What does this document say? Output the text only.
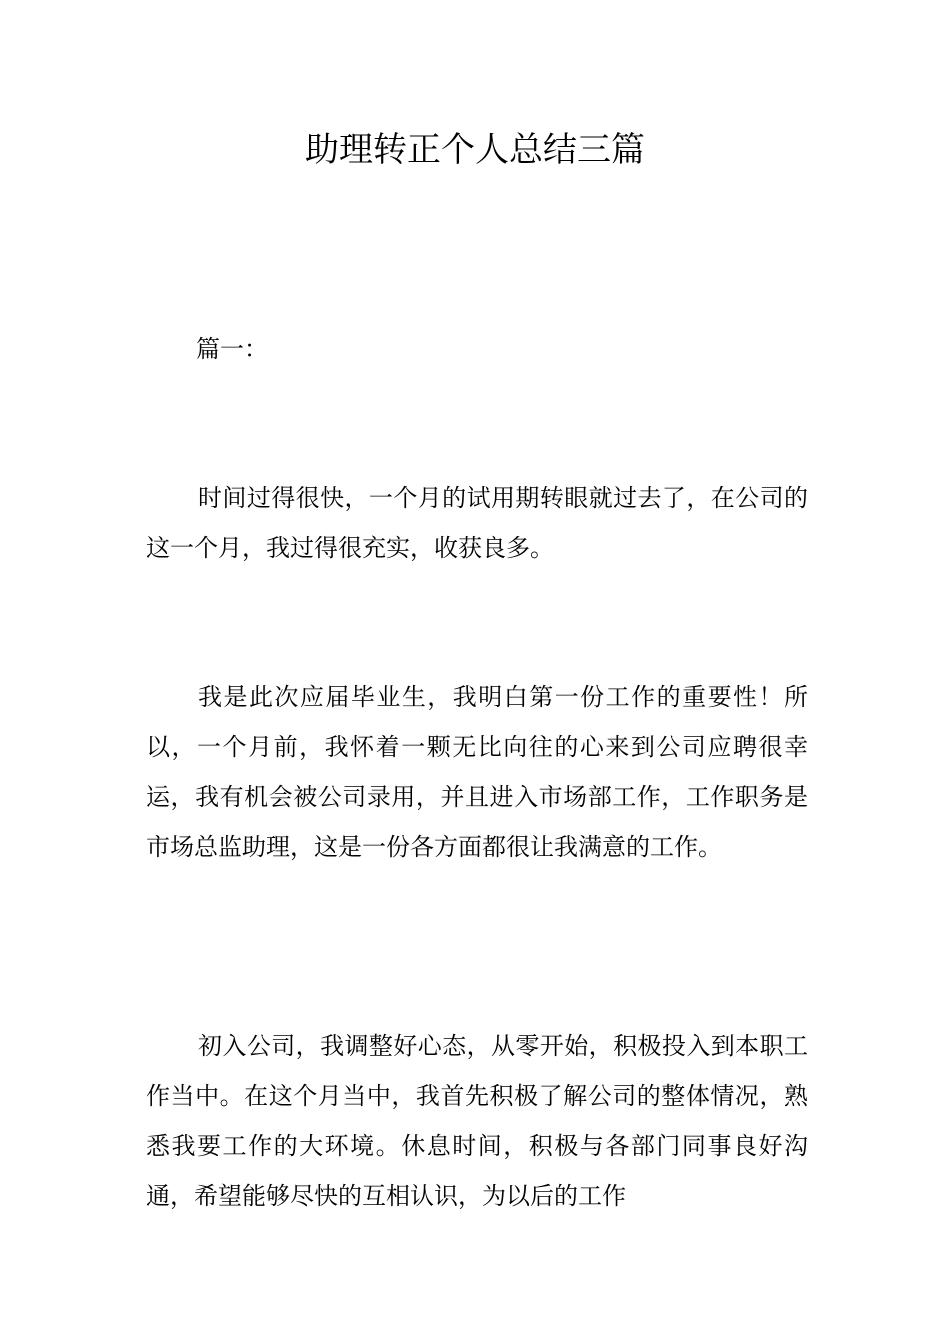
助理转正个人总结三篇
篇一：

时间过得很快，一个月的试用期转眼就过去了，在公司的这一个月，我过得很充实，收获良多。

我是此次应届毕业生，我明白第一份工作的重要性！所以，一个月前，我怀着一颗无比向往的心来到公司应聘很幸运，我有机会被公司录用，并且进入市场部工作，工作职务是市场总监助理，这是一份各方面都很让我满意的工作。

初入公司，我调整好心态，从零开始，积极投入到本职工作当中。在这个月当中，我首先积极了解公司的整体情况，熟悉我要工作的大环境。休息时间，积极与各部门同事良好沟通，希望能够尽快的互相认识，为以后的工作
